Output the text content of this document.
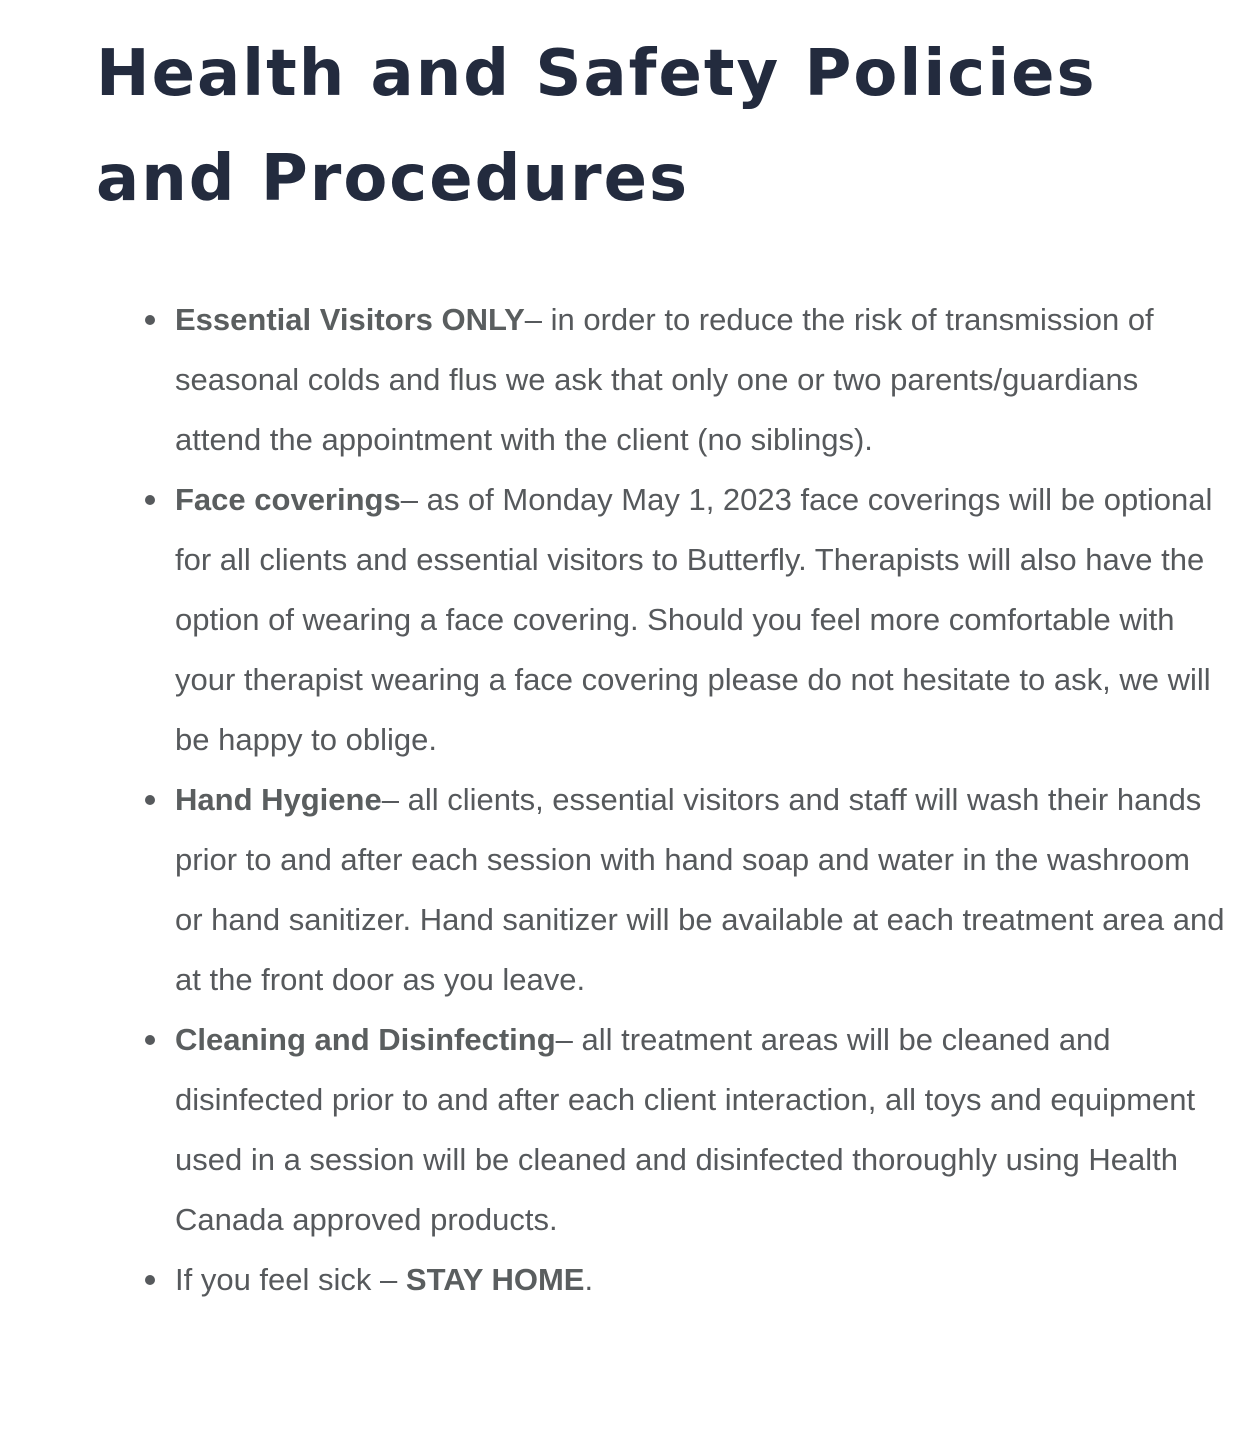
Health and Safety Policies and Procedures
Essential Visitors ONLY– in order to reduce the risk of transmission of seasonal colds and flus we ask that only one or two parents/guardians attend the appointment with the client (no siblings).
Face coverings– as of Monday May 1, 2023 face coverings will be optional for all clients and essential visitors to Butterfly. Therapists will also have the option of wearing a face covering. Should you feel more comfortable with your therapist wearing a face covering please do not hesitate to ask, we will be happy to oblige.
Hand Hygiene– all clients, essential visitors and staff will wash their hands prior to and after each session with hand soap and water in the washroom or hand sanitizer. Hand sanitizer will be available at each treatment area and at the front door as you leave.
Cleaning and Disinfecting– all treatment areas will be cleaned and disinfected prior to and after each client interaction, all toys and equipment used in a session will be cleaned and disinfected thoroughly using Health Canada approved products.
If you feel sick – STAY HOME.
